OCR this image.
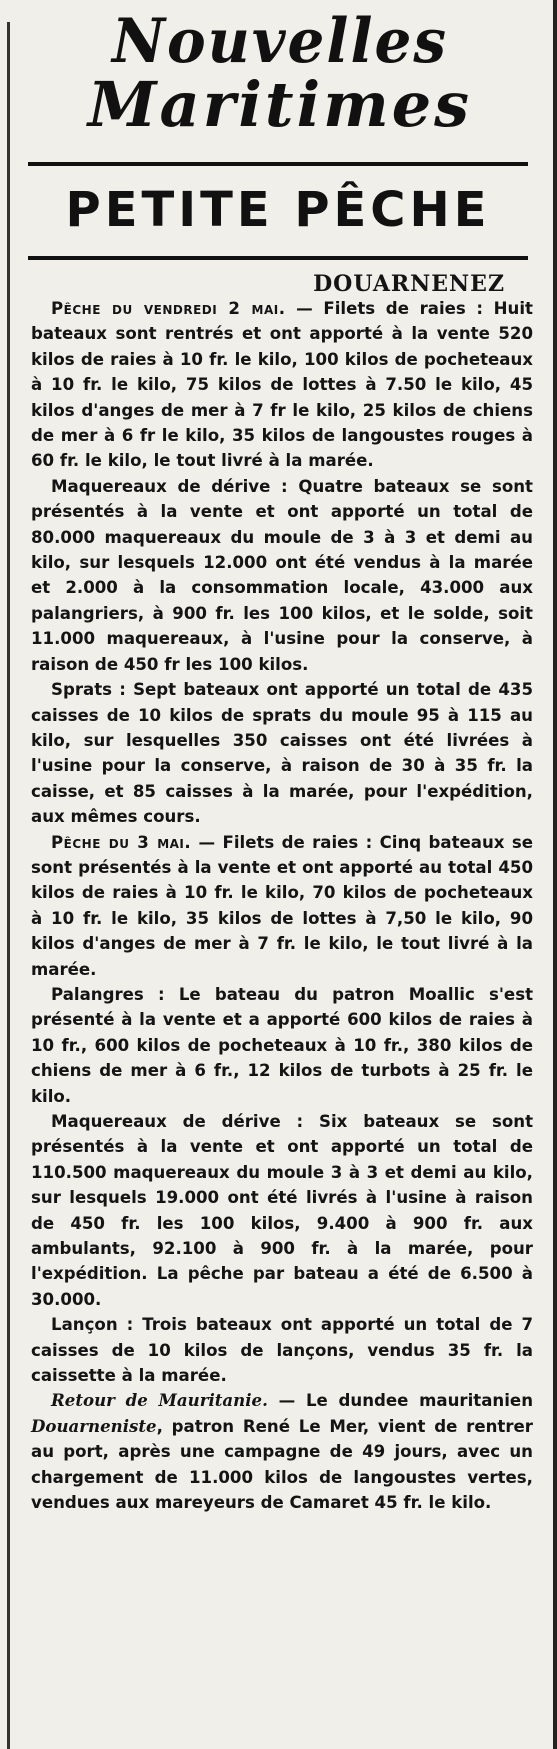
Nouvelles
Maritimes
PETITE PÊCHE
DOUARNENEZ

Pêche du vendredi 2 mai. — Filets de raies : Huit bateaux sont rentrés et ont apporté à la vente 520 kilos de raies à 10 fr. le kilo, 100 kilos de pocheteaux à 10 fr. le kilo, 75 kilos de lottes à 7.50 le kilo, 45 kilos d'anges de mer à 7 fr le kilo, 25 kilos de chiens de mer à 6 fr le kilo, 35 kilos de langoustes rouges à 60 fr. le kilo, le tout livré à la marée.

Maquereaux de dérive : Quatre bateaux se sont présentés à la vente et ont apporté un total de 80.000 maquereaux du moule de 3 à 3 et demi au kilo, sur lesquels 12.000 ont été vendus à la marée et 2.000 à la consommation locale, 43.000 aux palangriers, à 900 fr. les 100 kilos, et le solde, soit 11.000 maquereaux, à l'usine pour la conserve, à raison de 450 fr les 100 kilos.

Sprats : Sept bateaux ont apporté un total de 435 caisses de 10 kilos de sprats du moule 95 à 115 au kilo, sur lesquelles 350 caisses ont été livrées à l'usine pour la conserve, à raison de 30 à 35 fr. la caisse, et 85 caisses à la marée, pour l'expédition, aux mêmes cours.

Pêche du 3 mai. — Filets de raies : Cinq bateaux se sont présentés à la vente et ont apporté au total 450 kilos de raies à 10 fr. le kilo, 70 kilos de pocheteaux à 10 fr. le kilo, 35 kilos de lottes à 7,50 le kilo, 90 kilos d'anges de mer à 7 fr. le kilo, le tout livré à la marée.

Palangres : Le bateau du patron Moallic s'est présenté à la vente et a apporté 600 kilos de raies à 10 fr., 600 kilos de pocheteaux à 10 fr., 380 kilos de chiens de mer à 6 fr., 12 kilos de turbots à 25 fr. le kilo.

Maquereaux de dérive : Six bateaux se sont présentés à la vente et ont apporté un total de 110.500 maquereaux du moule 3 à 3 et demi au kilo, sur lesquels 19.000 ont été livrés à l'usine à raison de 450 fr. les 100 kilos, 9.400 à 900 fr. aux ambulants, 92.100 à 900 fr. à la marée, pour l'expédition. La pêche par bateau a été de 6.500 à 30.000.

Lançon : Trois bateaux ont apporté un total de 7 caisses de 10 kilos de lançons, vendus 35 fr. la caissette à la marée.

Retour de Mauritanie. — Le dundee mauritanien Douarneniste, patron René Le Mer, vient de rentrer au port, après une campagne de 49 jours, avec un chargement de 11.000 kilos de langoustes vertes, vendues aux mareyeurs de Camaret 45 fr. le kilo.
